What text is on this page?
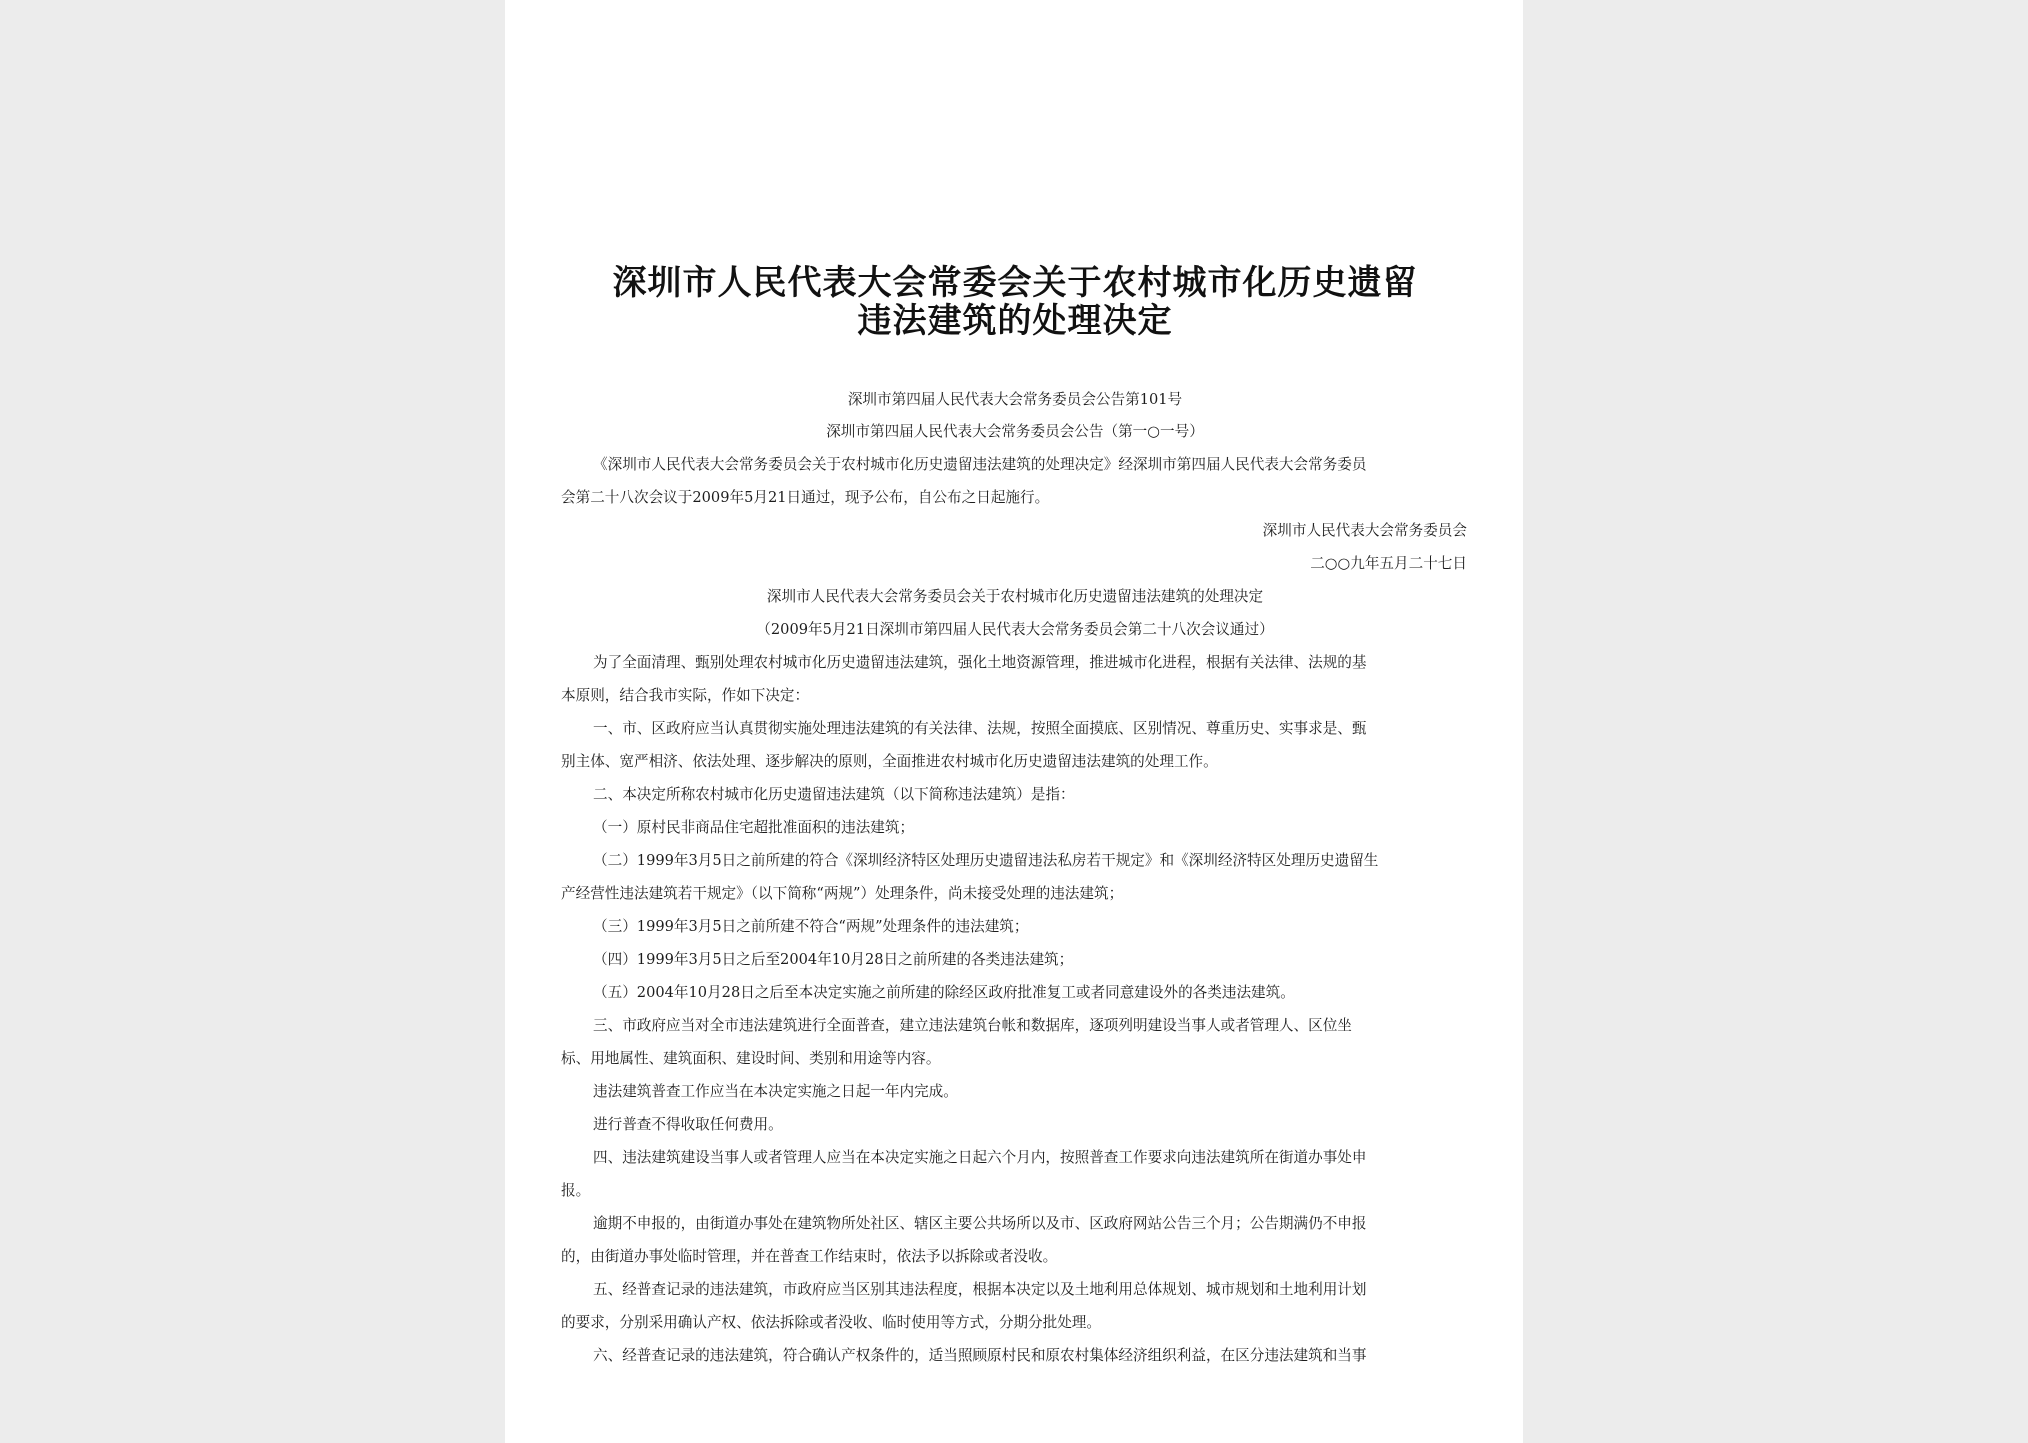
深圳市人民代表大会常委会关于农村城市化历史遗留
违法建筑的处理决定
深圳市第四届人民代表大会常务委员会公告第101号
深圳市第四届人民代表大会常务委员会公告（第一○一号）
《深圳市人民代表大会常务委员会关于农村城市化历史遗留违法建筑的处理决定》经深圳市第四届人民代表大会常务委员
会第二十八次会议于2009年5月21日通过，现予公布，自公布之日起施行。
深圳市人民代表大会常务委员会
二○○九年五月二十七日
深圳市人民代表大会常务委员会关于农村城市化历史遗留违法建筑的处理决定
（2009年5月21日深圳市第四届人民代表大会常务委员会第二十八次会议通过）
为了全面清理、甄别处理农村城市化历史遗留违法建筑，强化土地资源管理，推进城市化进程，根据有关法律、法规的基
本原则，结合我市实际，作如下决定：
一、市、区政府应当认真贯彻实施处理违法建筑的有关法律、法规，按照全面摸底、区别情况、尊重历史、实事求是、甄
别主体、宽严相济、依法处理、逐步解决的原则，全面推进农村城市化历史遗留违法建筑的处理工作。
二、本决定所称农村城市化历史遗留违法建筑（以下简称违法建筑）是指：
（一）原村民非商品住宅超批准面积的违法建筑；
（二）1999年3月5日之前所建的符合《深圳经济特区处理历史遗留违法私房若干规定》和《深圳经济特区处理历史遗留生
产经营性违法建筑若干规定》（以下简称“两规”）处理条件，尚未接受处理的违法建筑；
（三）1999年3月5日之前所建不符合“两规”处理条件的违法建筑；
（四）1999年3月5日之后至2004年10月28日之前所建的各类违法建筑；
（五）2004年10月28日之后至本决定实施之前所建的除经区政府批准复工或者同意建设外的各类违法建筑。
三、市政府应当对全市违法建筑进行全面普查，建立违法建筑台帐和数据库，逐项列明建设当事人或者管理人、区位坐
标、用地属性、建筑面积、建设时间、类别和用途等内容。
违法建筑普查工作应当在本决定实施之日起一年内完成。
进行普查不得收取任何费用。
四、违法建筑建设当事人或者管理人应当在本决定实施之日起六个月内，按照普查工作要求向违法建筑所在街道办事处申
报。
逾期不申报的，由街道办事处在建筑物所处社区、辖区主要公共场所以及市、区政府网站公告三个月；公告期满仍不申报
的，由街道办事处临时管理，并在普查工作结束时，依法予以拆除或者没收。
五、经普查记录的违法建筑，市政府应当区别其违法程度，根据本决定以及土地利用总体规划、城市规划和土地利用计划
的要求，分别采用确认产权、依法拆除或者没收、临时使用等方式，分期分批处理。
六、经普查记录的违法建筑，符合确认产权条件的，适当照顾原村民和原农村集体经济组织利益，在区分违法建筑和当事
